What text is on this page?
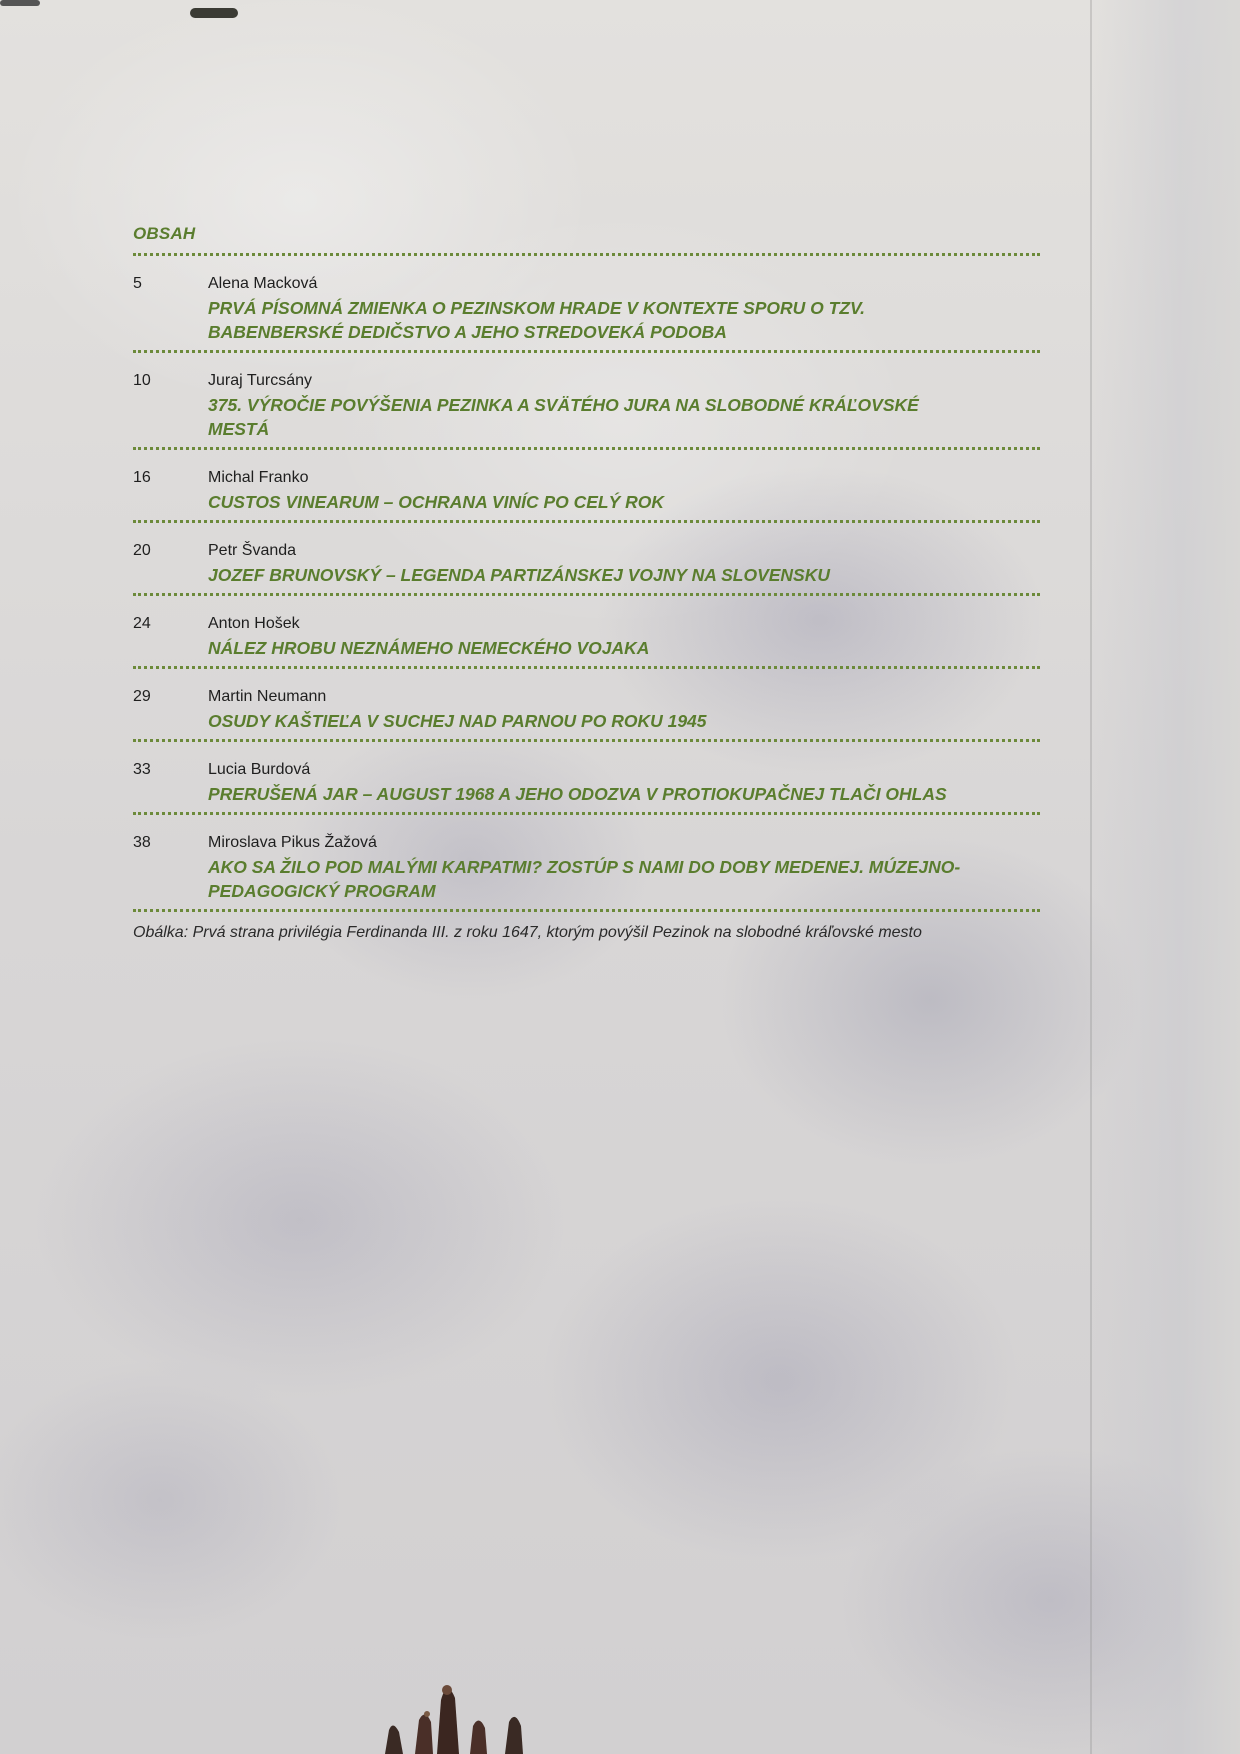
OBSAH
5	Alena Macková
PRVÁ PÍSOMNÁ ZMIENKA O PEZINSKOM HRADE V KONTEXTE SPORU O TZV. BABENBERSKÉ DEDIČSTVO A JEHO STREDOVEKÁ PODOBA
10	Juraj Turcsány
375. VÝROČIE POVÝŠENIA PEZINKA A SVÄTÉHO JURA NA SLOBODNÉ KRÁĽOVSKÉ MESTÁ
16	Michal Franko
CUSTOS VINEARUM – OCHRANA VINÍC PO CELÝ ROK
20	Petr Švanda
JOZEF BRUNOVSKÝ – LEGENDA PARTIZÁNSKEJ VOJNY NA SLOVENSKU
24	Anton Hošek
NÁLEZ HROBU NEZNÁMEHO NEMECKÉHO VOJAKA
29	Martin Neumann
OSUDY KAŠTIEĽA V SUCHEJ NAD PARNOU PO ROKU 1945
33	Lucia Burdová
PRERUŠENÁ JAR – AUGUST 1968 A JEHO ODOZVA V PROTIOKUPAČNEJ TLAČI OHLAS
38	Miroslava Pikus Žažová
AKO SA ŽILO POD MALÝMI KARPATMI? ZOSTÚP S NAMI DO DOBY MEDENEJ. MÚZEJNO-PEDAGOGICKÝ PROGRAM
Obálka: Prvá strana privilégia Ferdinanda III. z roku 1647, ktorým povýšil Pezinok na slobodné kráľovské mesto
